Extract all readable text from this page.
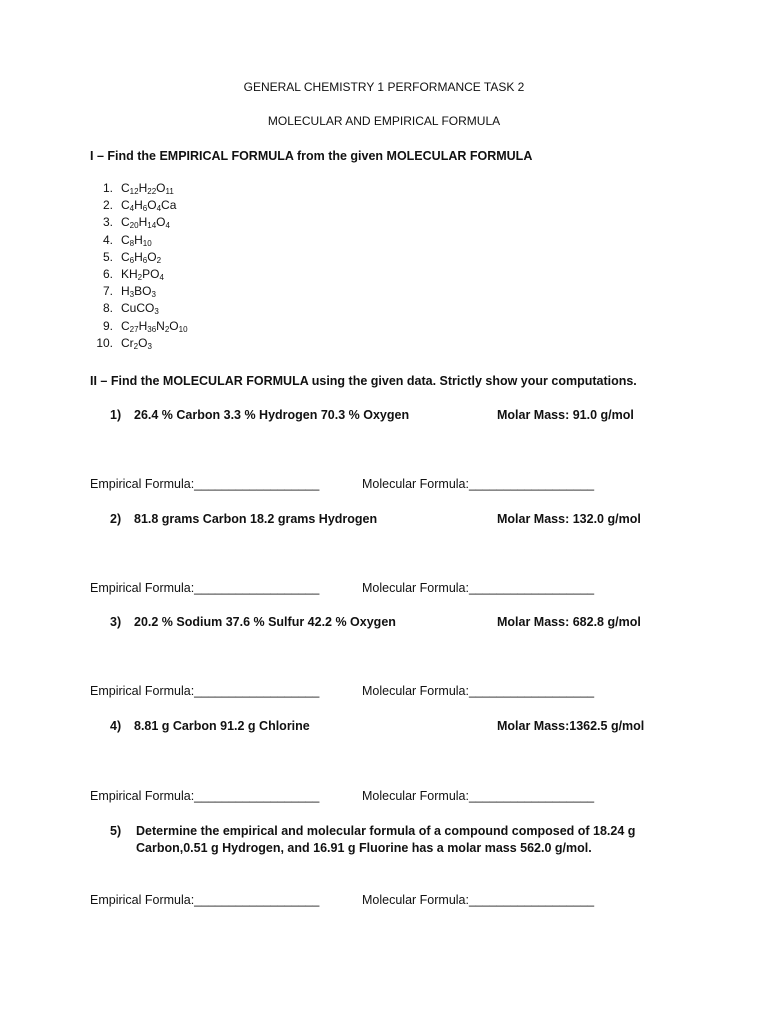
GENERAL CHEMISTRY 1 PERFORMANCE TASK 2
MOLECULAR AND EMPIRICAL FORMULA
I – Find the EMPIRICAL FORMULA from the given MOLECULAR FORMULA
1. $C_{12}H_{22}O_{11}$
2. $C_4H_6O_4Ca$
3. $C_{20}H_{14}O_4$
4. $C_8H_{10}$
5. $C_6H_6O_2$
6. $KH_2PO_4$
7. $H_3BO_3$
8. CuCO$_3$
9. $C_{27}H_{36}N_2O_{10}$
10. $Cr_2O_3$
II – Find the MOLECULAR FORMULA using the given data. Strictly show your computations.
1) 26.4 % Carbon 3.3 % Hydrogen 70.3 % Oxygen	Molar Mass: 91.0 g/mol
Empirical Formula:__________________	Molecular Formula:__________________
2) 81.8 grams Carbon 18.2 grams Hydrogen	Molar Mass: 132.0 g/mol
Empirical Formula:__________________	Molecular Formula:__________________
3) 20.2 % Sodium 37.6 % Sulfur 42.2 % Oxygen	Molar Mass: 682.8 g/mol
Empirical Formula:__________________	Molecular Formula:__________________
4) 8.81 g Carbon 91.2 g Chlorine	Molar Mass:1362.5 g/mol
Empirical Formula:__________________	Molecular Formula:__________________
5) Determine the empirical and molecular formula of a compound composed of 18.24 g Carbon,0.51 g Hydrogen, and 16.91 g Fluorine has a molar mass 562.0 g/mol.
Empirical Formula:__________________	Molecular Formula:__________________
